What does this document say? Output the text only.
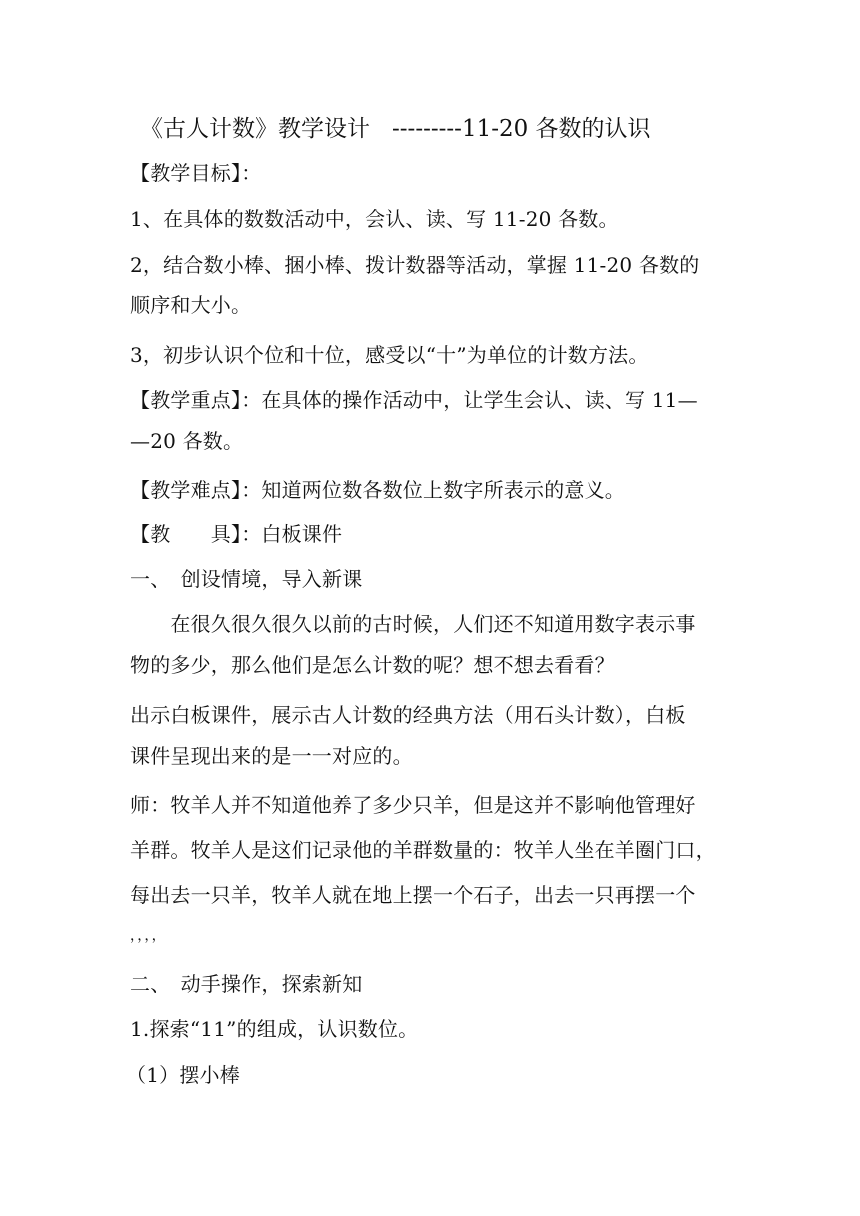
《古人计数》教学设计 ---------11-20 各数的认识
【教学目标】：
1、在具体的数数活动中，会认、读、写 11-20 各数。
2，结合数小棒、捆小棒、拨计数器等活动，掌握 11-20 各数的
顺序和大小。
3，初步认识个位和十位，感受以“十”为单位的计数方法。
【教学重点】：在具体的操作活动中，让学生会认、读、写 11—
—20 各数。
【教学难点】：知道两位数各数位上数字所表示的意义。
【教　　具】：白板课件
一、　创设情境，导入新课
　　在很久很久很久以前的古时候，人们还不知道用数字表示事
物的多少，那么他们是怎么计数的呢？想不想去看看？
出示白板课件，展示古人计数的经典方法（用石头计数），白板
课件呈现出来的是一一对应的。
师：牧羊人并不知道他养了多少只羊，但是这并不影响他管理好
羊群。牧羊人是这们记录他的羊群数量的：牧羊人坐在羊圈门口，
每出去一只羊，牧羊人就在地上摆一个石子，出去一只再摆一个
，，，，
二、　动手操作，探索新知
1.探索“11”的组成，认识数位。
（1）摆小棒
